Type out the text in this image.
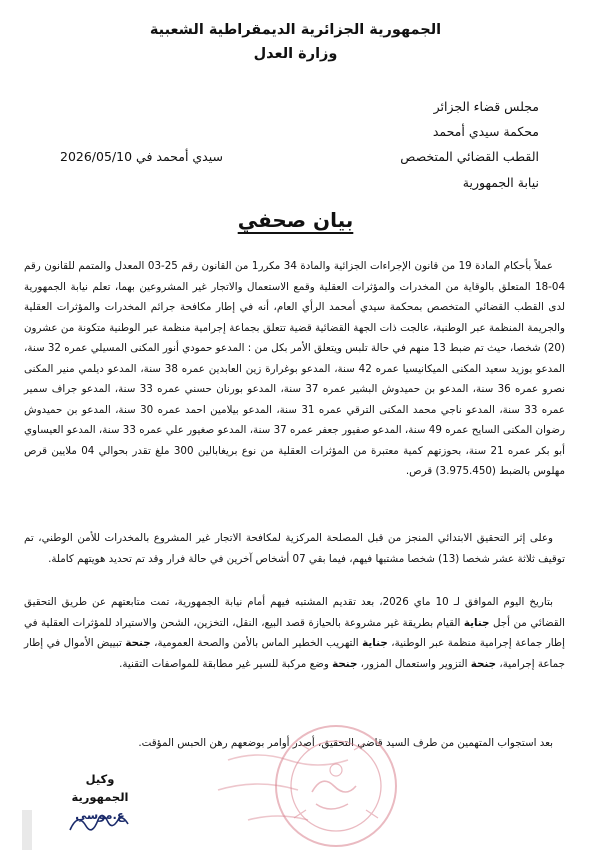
الجمهورية الجزائرية الديمقراطية الشعبية
وزارة العدل
مجلس قضاء الجزائر
محكمة سيدي أمحمد
القطب القضائي المتخصص
نيابة الجمهورية
سيدي أمحمد في 2026/05/10
بيان صحفي

عملاً بأحكام المادة 19 من قانون الإجراءات الجزائية والمادة 34 مكرر1 من القانون رقم 25-03 المعدل والمتمم للقانون رقم 04-18 المتعلق بالوقاية من المخدرات والمؤثرات العقلية وقمع الاستعمال والاتجار غير المشروعين بهما، تعلم نيابة الجمهورية لدى القطب القضائي المتخصص بمحكمة سيدي أمحمد الرأي العام، أنه في إطار مكافحة جرائم المخدرات والمؤثرات العقلية والجريمة المنظمة عبر الوطنية، عالجت ذات الجهة القضائية قضية تتعلق بجماعة إجرامية منظمة عبر الوطنية متكونة من عشرون (20) شخصا، حيث تم ضبط 13 منهم في حالة تلبس ويتعلق الأمر بكل من : المدعو حمودي أنور المكنى المسيلي عمره 32 سنة، المدعو بوزيد سعيد المكنى الميكانيسيا عمره 42 سنة، المدعو بوغرارة زين العابدين عمره 38 سنة، المدعو ديلمي منير المكنى نصرو عمره 36 سنة، المدعو بن حميدوش البشير عمره 37 سنة، المدعو بورنان حسني عمره 33 سنة، المدعو جراف سمير عمره 33 سنة، المدعو ناجي محمد المكنى الترقي عمره 31 سنة، المدعو بيلامين احمد عمره 30 سنة، المدعو بن حميدوش رضوان المكنى السايح عمره 49 سنة، المدعو صفيور جعفر عمره 37 سنة، المدعو صغيور علي عمره 33 سنة، المدعو العيساوي أبو بكر عمره 21 سنة، بحوزتهم كمية معتبرة من المؤثرات العقلية من نوع بريغابالين 300 ملغ تقدر بحوالي 04 ملايين قرص مهلوس بالضبط (3.975.450) قرص.

وعلى إثر التحقيق الابتدائي المنجز من قبل المصلحة المركزية لمكافحة الاتجار غير المشروع بالمخدرات للأمن الوطني، تم توقيف ثلاثة عشر شخصا (13) شخصا مشتبها فيهم، فيما بقي 07 أشخاص آخرين في حالة فرار وقد تم تحديد هويتهم كاملة.

بتاريخ اليوم الموافق لـ 10 ماي 2026، بعد تقديم المشتبه فيهم أمام نيابة الجمهورية، تمت متابعتهم عن طريق التحقيق القضائي من أجل جناية القيام بطريقة غير مشروعة بالحيازة قصد البيع، النقل، التخزين، الشحن والاستيراد للمؤثرات العقلية في إطار جماعة إجرامية منظمة عبر الوطنية، جناية التهريب الخطير الماس بالأمن والصحة العمومية، جنحة تبييض الأموال في إطار جماعة إجرامية، جنحة التزوير واستعمال المزور، جنحة وضع مركبة للسير غير مطابقة للمواصفات التقنية.

بعد استجواب المتهمين من طرف السيد قاضي التحقيق، أصدر أوامر بوضعهم رهن الحبس المؤقت.

وكيل الجمهورية
ع.موسي
